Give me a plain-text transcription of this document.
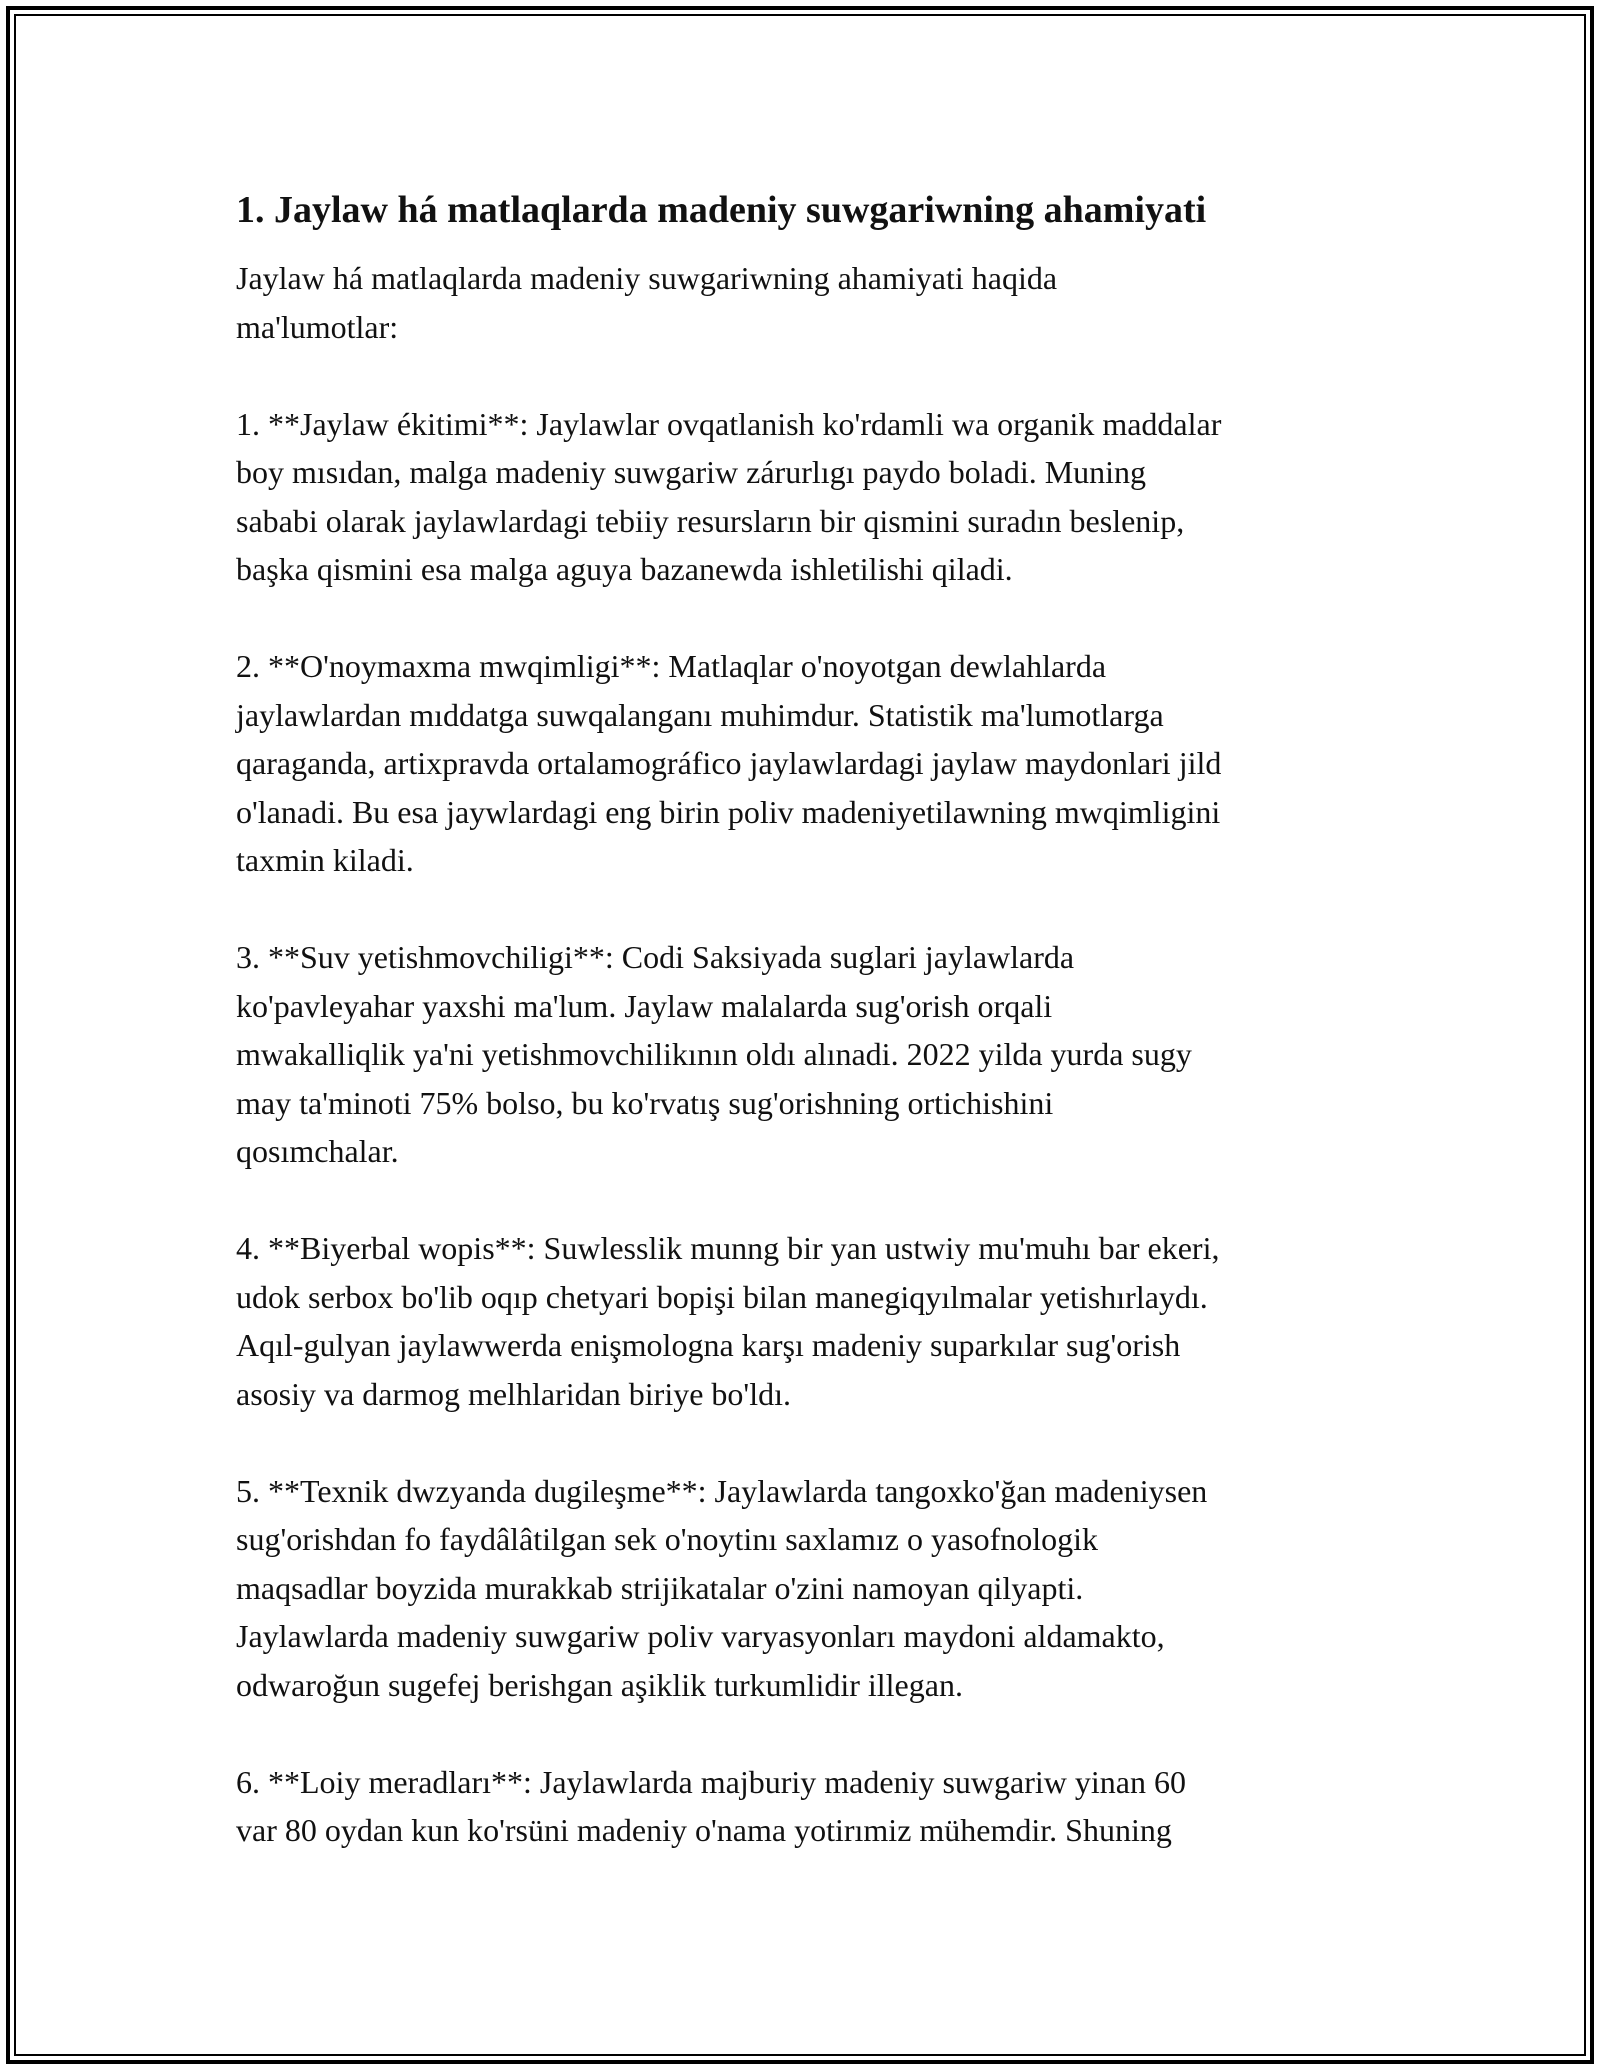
1. Jaylaw há matlaqlarda madeniy suwgariwning ahamiyati

Jaylaw há matlaqlarda madeniy suwgariwning ahamiyati haqida
ma'lumotlar:

1. **Jaylaw ékitimi**: Jaylawlar ovqatlanish ko'rdamli wa organik maddalar
boy mısıdan, malga madeniy suwgariw zárurlıgı paydo boladi. Muning
sababi olarak jaylawlardagi tebiiy resursların bir qismini suradın beslenip,
başka qismini esa malga aguya bazanewda ishletilishi qiladi.

2. **O'noymaxma mwqimligi**: Matlaqlar o'noyotgan dewlahlarda
jaylawlardan mıddatga suwqalanganı muhimdur. Statistik ma'lumotlarga
qaraganda, artixpravda ortalamográfico jaylawlardagi jaylaw maydonlari jild
o'lanadi. Bu esa jaywlardagi eng birin poliv madeniyetilawning mwqimligini
taxmin kiladi.

3. **Suv yetishmovchiligi**: Codi Saksiyada suglari jaylawlarda
ko'pavleyahar yaxshi ma'lum. Jaylaw malalarda sug'orish orqali
mwakalliqlik ya'ni yetishmovchilikının oldı alınadi. 2022 yilda yurda sugy
may ta'minoti 75% bolso, bu ko'rvatış sug'orishning ortichishini
qosımchalar.

4. **Biyerbal wopis**: Suwlesslik munng bir yan ustwiy mu'muhı bar ekeri,
udok serbox bo'lib oqıp chetyari bopişi bilan manegiqyılmalar yetishırlaydı.
Aqıl-gulyan jaylawwerda enişmologna karşı madeniy suparkılar sug'orish
asosiy va darmog melhlaridan biriye bo'ldı.

5. **Texnik dwzyanda dugileşme**: Jaylawlarda tangoxko'ğan madeniysen
sug'orishdan fo faydâlâtilgan sek o'noytinı saxlamız o yasofnologik
maqsadlar boyzida murakkab strijikatalar o'zini namoyan qilyapti.
Jaylawlarda madeniy suwgariw poliv varyasyonları maydoni aldamakto,
odwaroğun sugefej berishgan aşiklik turkumlidir illegan.

6. **Loiy meradları**: Jaylawlarda majburiy madeniy suwgariw yinan 60
var 80 oydan kun ko'rsüni madeniy o'nama yotirımiz mühemdir. Shuning
